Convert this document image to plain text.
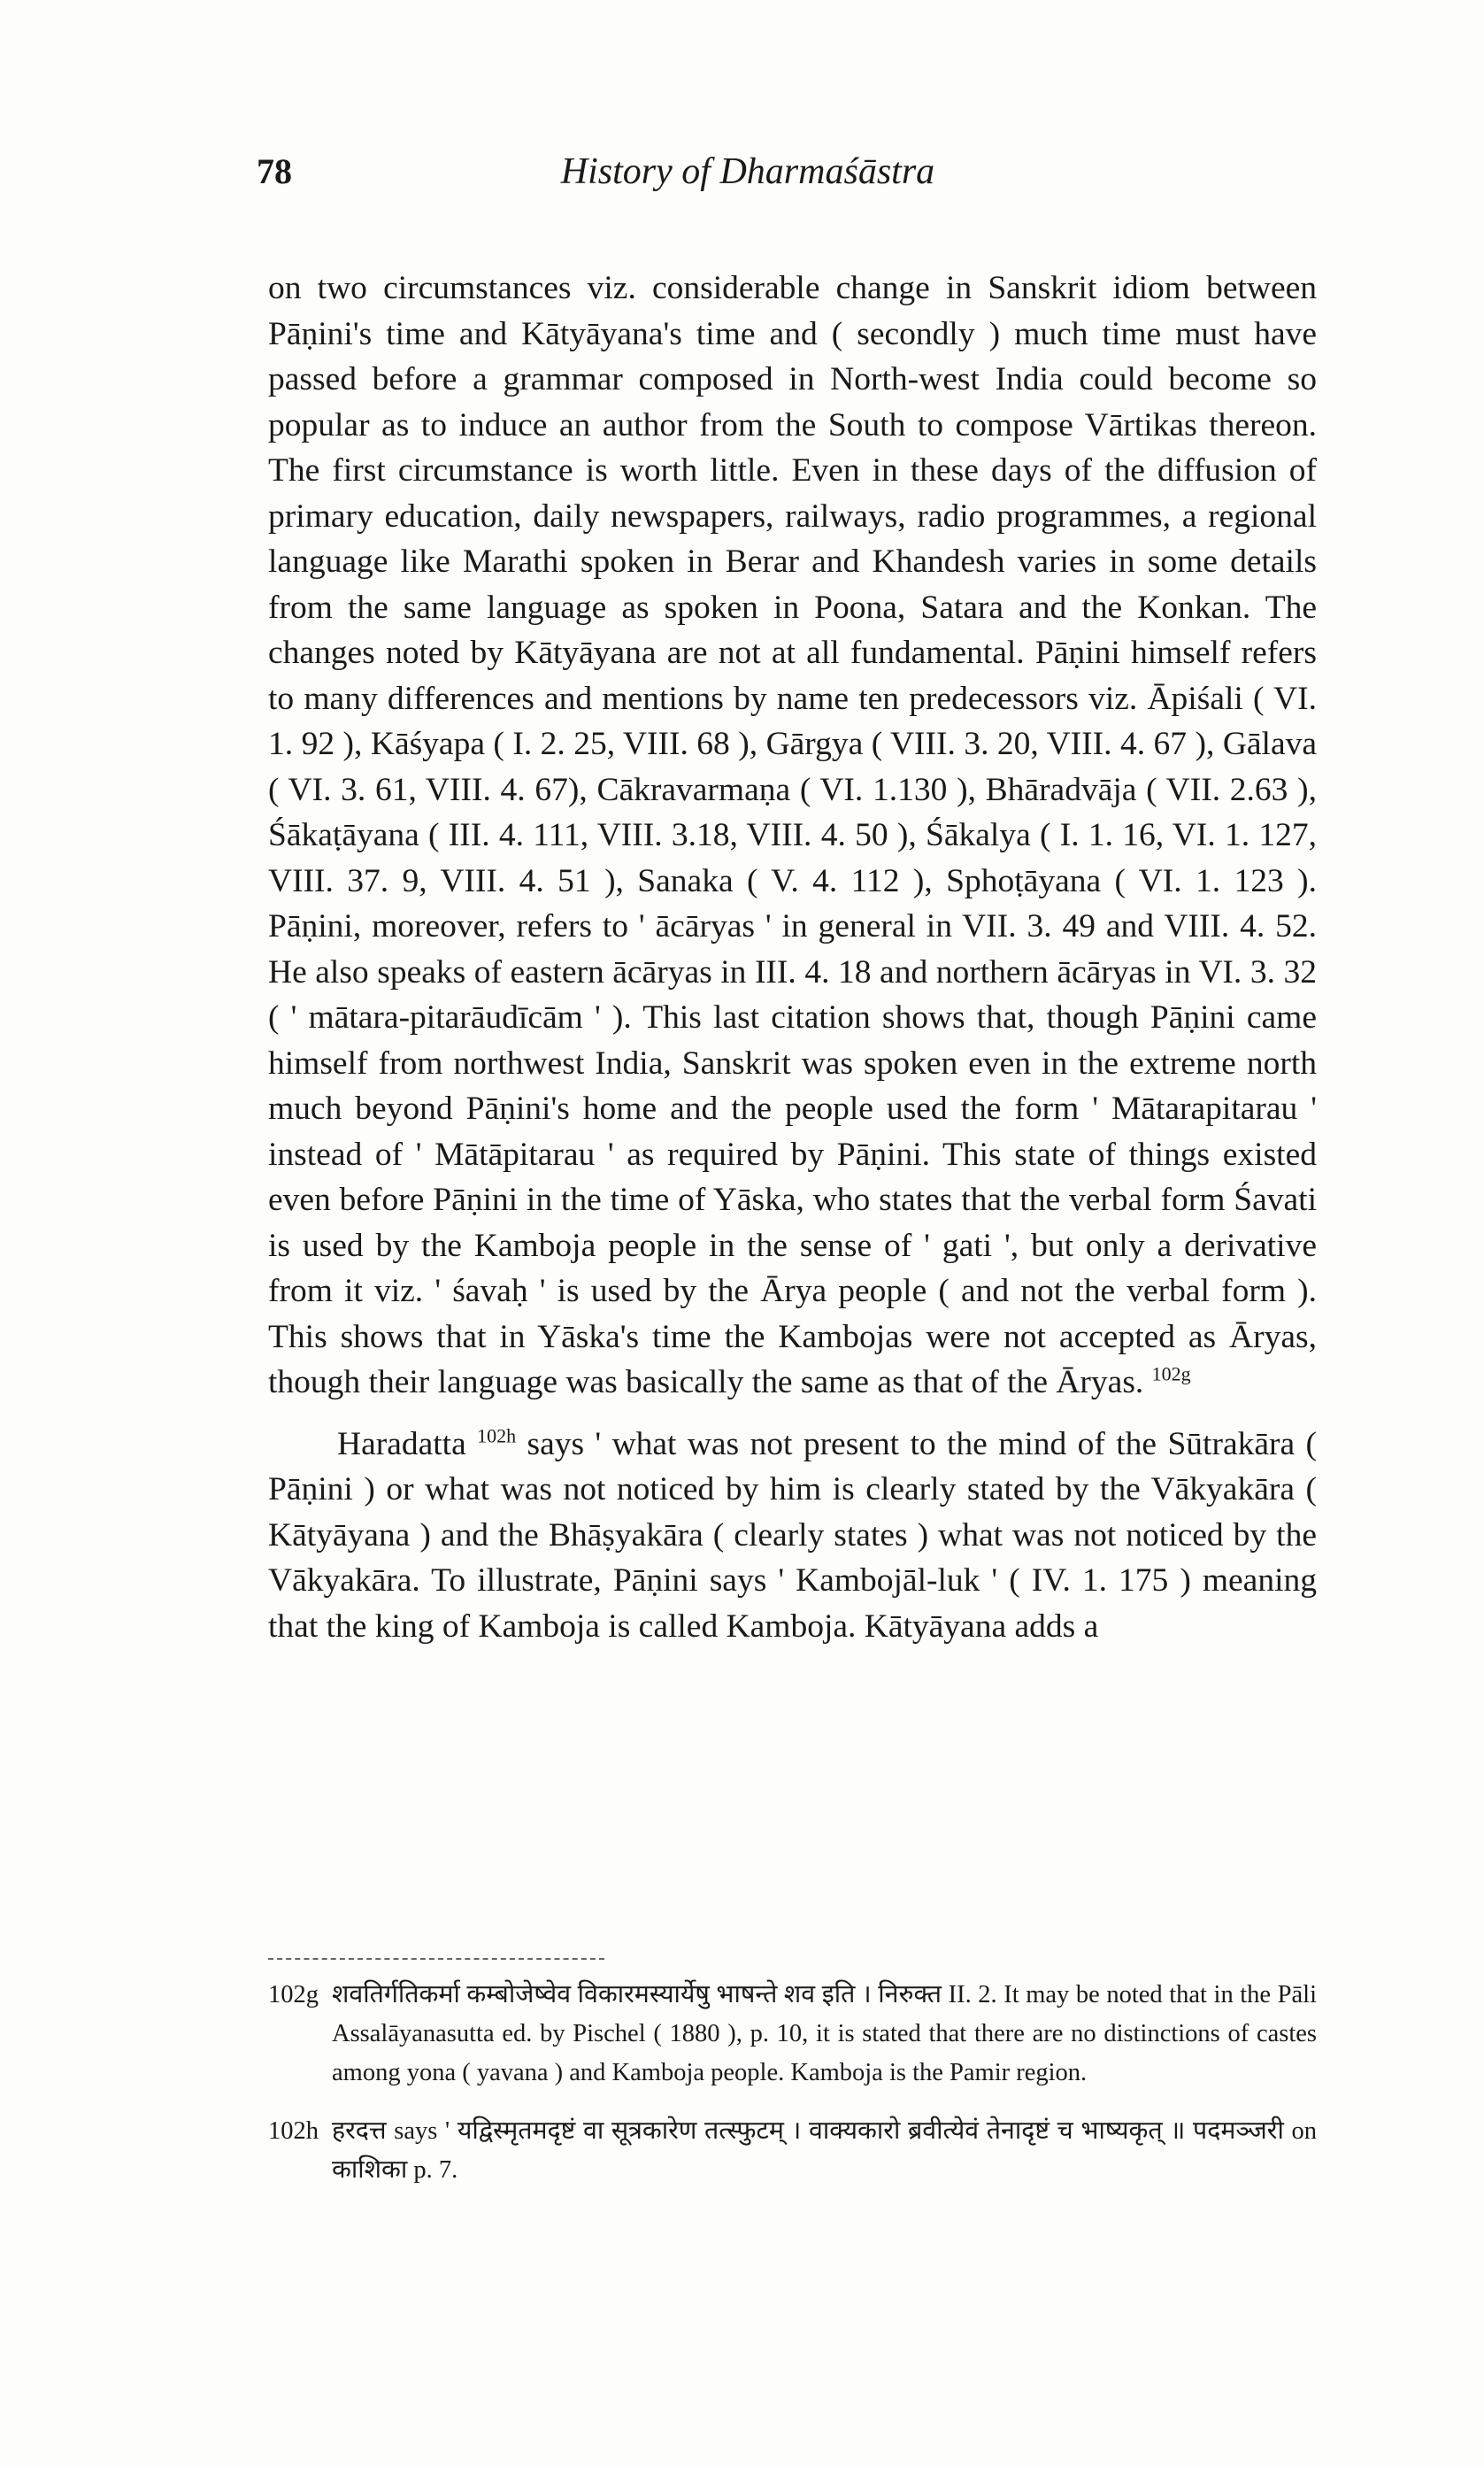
78	History of Dharmaśāstra

on two circumstances viz. considerable change in Sanskrit idiom between Pāṇini's time and Kātyāyana's time and ( secondly ) much time must have passed before a grammar composed in North-west India could become so popular as to induce an author from the South to compose Vārtikas thereon. The first circumstance is worth little. Even in these days of the diffusion of primary education, daily newspapers, railways, radio programmes, a regional language like Marathi spoken in Berar and Khandesh varies in some details from the same language as spoken in Poona, Satara and the Konkan. The changes noted by Kātyāyana are not at all fundamental. Pāṇini himself refers to many differences and mentions by name ten predecessors viz. Āpiśali ( VI. 1. 92 ), Kāśyapa ( I. 2. 25, VIII. 68 ), Gārgya ( VIII. 3. 20, VIII. 4. 67 ), Gālava ( VI. 3. 61, VIII. 4. 67), Cākravarmaṇa ( VI. 1.130 ), Bhāradvāja ( VII. 2.63 ), Śākaṭāyana ( III. 4. 111, VIII. 3.18, VIII. 4. 50 ), Śākalya ( I. 1. 16, VI. 1. 127, VIII. 37. 9, VIII. 4. 51 ), Sanaka ( V. 4. 112 ), Sphoṭāyana ( VI. 1. 123 ). Pāṇini, moreover, refers to ' ācāryas ' in general in VII. 3. 49 and VIII. 4. 52. He also speaks of eastern ācāryas in III. 4. 18 and northern ācāryas in VI. 3. 32 ( ' mātara-pitarāudīcām ' ). This last citation shows that, though Pāṇini came himself from northwest India, Sanskrit was spoken even in the extreme north much beyond Pāṇini's home and the people used the form ' Mātarapitarau ' instead of ' Mātāpitarau ' as required by Pāṇini. This state of things existed even before Pāṇini in the time of Yāska, who states that the verbal form Śavati is used by the Kamboja people in the sense of ' gati ', but only a derivative from it viz. ' śavaḥ ' is used by the Ārya people ( and not the verbal form ). This shows that in Yāska's time the Kambojas were not accepted as Āryas, though their language was basically the same as that of the Āryas. $^{102g}$

Haradatta $^{102h}$ says ' what was not present to the mind of the Sūtrakāra ( Pāṇini ) or what was not noticed by him is clearly stated by the Vākyakāra ( Kātyāyana ) and the Bhāṣyakāra ( clearly states ) what was not noticed by the Vākyakāra. To illustrate, Pāṇini says ' Kambojāl-luk ' ( IV. 1. 175 ) meaning that the king of Kamboja is called Kamboja. Kātyāyana adds a

102g शवतिर्गतिकर्मा कम्बोजेष्वेव विकारमस्यार्येषु भाषन्ते शव इति । निरुक्त II. 2. It may be noted that in the Pāli Assalāyanasutta ed. by Pischel ( 1880 ), p. 10, it is stated that there are no distinctions of castes among yona ( yavana ) and Kamboja people. Kamboja is the Pamir region.
102h हरदत्त says ' यद्विस्मृतमदृष्टं वा सूत्रकारेण तत्स्फुटम् । वाक्यकारो ब्रवीत्येवं तेनादृष्टं च भाष्यकृत् ॥ पदमञ्जरी on काशिका p. 7.
